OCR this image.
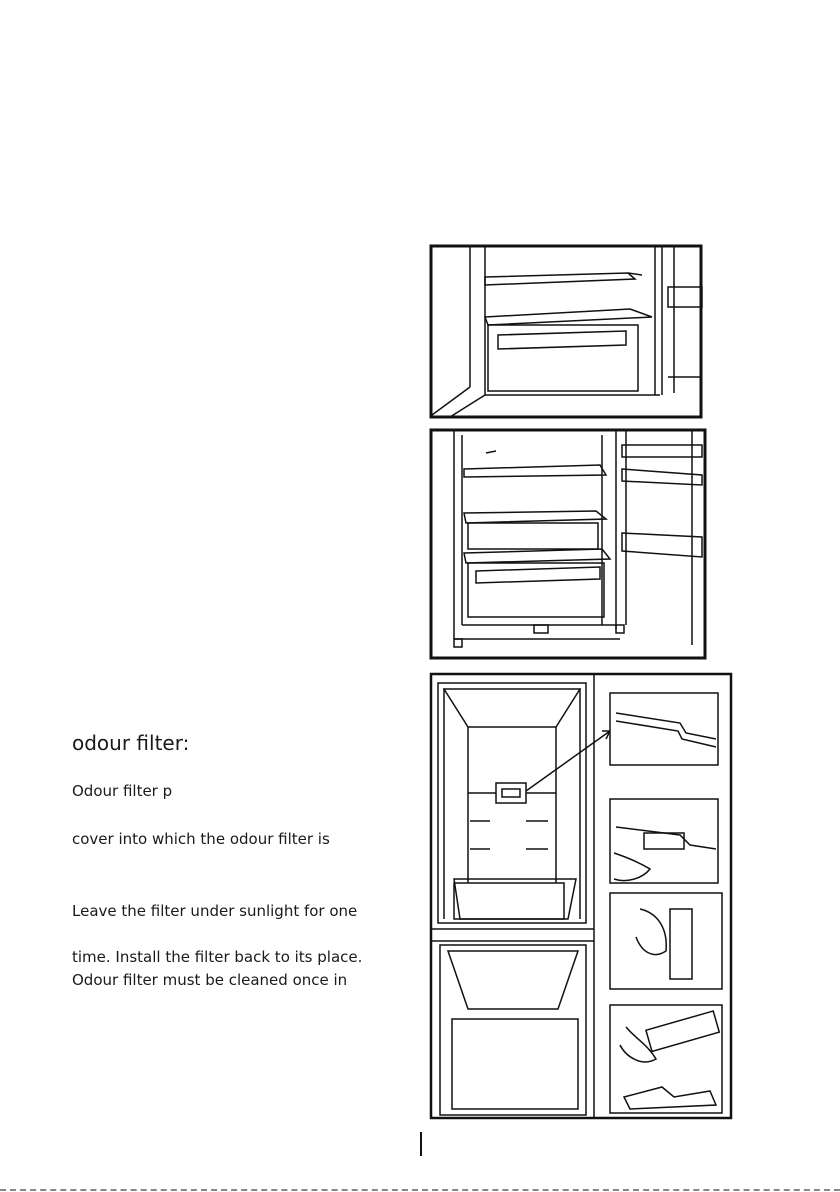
odour filter:
Odour filter p
cover into which the odour filter is
Leave the filter under sunlight for one
time. Install the filter back to its place.
Odour filter must be cleaned once in
